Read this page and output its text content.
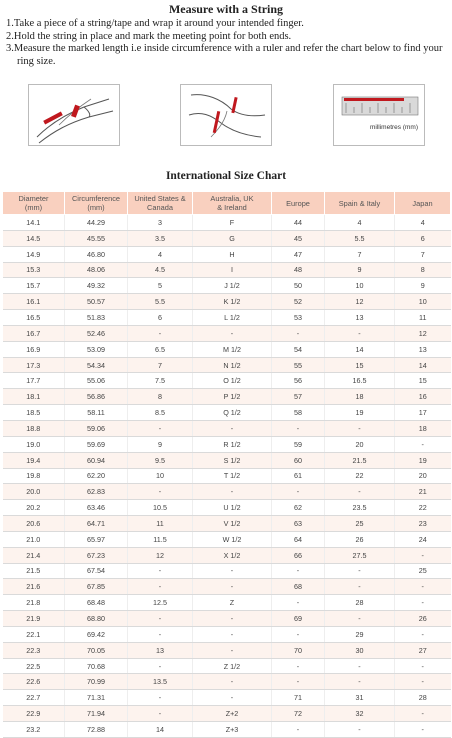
Measure with a String

1.Take a piece of a string/tape and wrap it around your intended finger.

2.Hold the string in place and mark the meeting point for both ends.

3.Measure the marked length i.e inside circumference with a ruler and refer the chart below to find your

ring size.

millimetres (mm)
International Size Chart
Diameter
(mm)	Circumference
(mm)	United States &
Canada	Australia, UK
& Ireland	Europe	Spain & Italy	Japan
14.1	44.29	3	F	44	4	4
14.5	45.55	3.5	G	45	5.5	6
14.9	46.80	4	H	47	7	7
15.3	48.06	4.5	I	48	9	8
15.7	49.32	5	J 1/2	50	10	9
16.1	50.57	5.5	K 1/2	52	12	10
16.5	51.83	6	L 1/2	53	13	11
16.7	52.46	-	-	-	-	12
16.9	53.09	6.5	M 1/2	54	14	13
17.3	54.34	7	N 1/2	55	15	14
17.7	55.06	7.5	O 1/2	56	16.5	15
18.1	56.86	8	P 1/2	57	18	16
18.5	58.11	8.5	Q 1/2	58	19	17
18.8	59.06	-	-	-	-	18
19.0	59.69	9	R 1/2	59	20	-
19.4	60.94	9.5	S 1/2	60	21.5	19
19.8	62.20	10	T 1/2	61	22	20
20.0	62.83	-	-	-	-	21
20.2	63.46	10.5	U 1/2	62	23.5	22
20.6	64.71	11	V 1/2	63	25	23
21.0	65.97	11.5	W 1/2	64	26	24
21.4	67.23	12	X 1/2	66	27.5	-
21.5	67.54	-	-	-	-	25
21.6	67.85	-	-	68	-	-
21.8	68.48	12.5	Z	-	28	-
21.9	68.80	-	-	69	-	26
22.1	69.42	-	-	-	29	-
22.3	70.05	13	-	70	30	27
22.5	70.68	-	Z 1/2	-	-	-
22.6	70.99	13.5	-	-	-	-
22.7	71.31	-	-	71	31	28
22.9	71.94	-	Z+2	72	32	-
23.2	72.88	14	Z+3	-	-	-
